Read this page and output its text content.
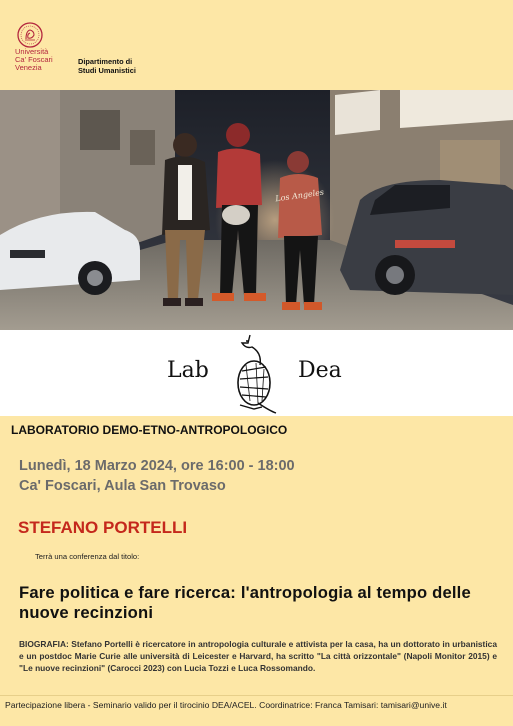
Università
Ca' Foscari
Venezia
Dipartimento di
Studi Umanistici
Los Angeles
Lab	Dea
LABORATORIO DEMO-ETNO-ANTROPOLOGICO
Lunedì, 18 Marzo 2024, ore 16:00 - 18:00
Ca' Foscari, Aula San Trovaso
STEFANO PORTELLI
Terrà una conferenza dal titolo:
Fare politica e fare ricerca: l'antropologia al tempo delle nuove recinzioni
BIOGRAFIA: Stefano Portelli è ricercatore in antropologia culturale e attivista per la casa, ha un dottorato in urbanistica e un postdoc Marie Curie alle università di Leicester e Harvard, ha scritto "La città orizzontale" (Napoli Monitor 2015) e "Le nuove recinzioni" (Carocci 2023) con Lucia Tozzi e Luca Rossomando.
Partecipazione libera - Seminario valido per il tirocinio DEA/ACEL. Coordinatrice: Franca Tamisari: tamisari@unive.it
